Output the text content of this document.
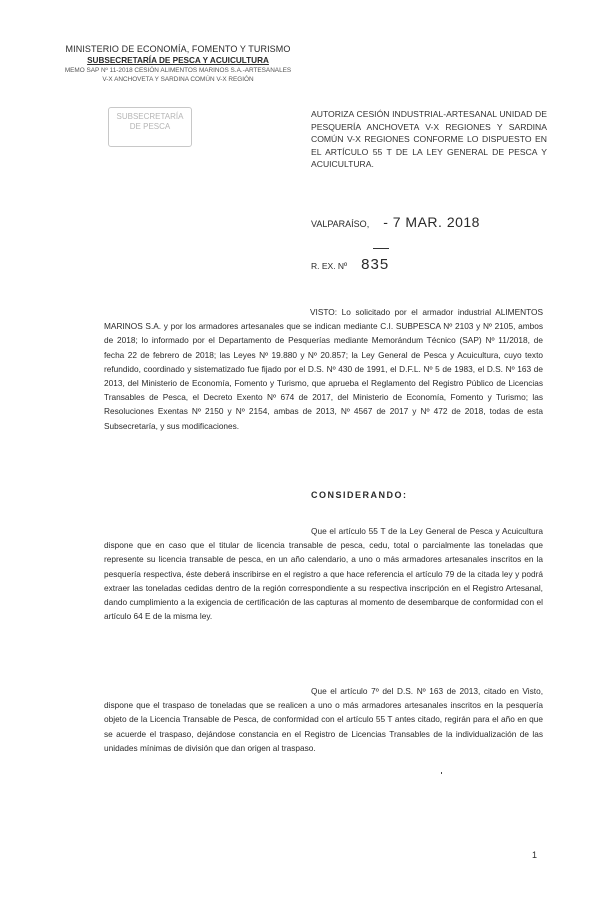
MINISTERIO DE ECONOMÍA, FOMENTO Y TURISMO
SUBSECRETARÍA DE PESCA Y ACUICULTURA
MEMO SAP Nº 11-2018 CESIÓN ALIMENTOS MARINOS S.A.-ARTESANALES
V-X ANCHOVETA Y SARDINA COMÚN V-X REGIÓN
SUBSECRETARÍA
DE PESCA
AUTORIZA CESIÓN INDUSTRIAL-ARTESANAL UNIDAD DE PESQUERÍA ANCHOVETA V-X REGIONES Y SARDINA COMÚN V-X REGIONES CONFORME LO DISPUESTO EN EL ARTÍCULO 55 T DE LA LEY GENERAL DE PESCA Y ACUICULTURA.
VALPARAÍSO, - 7 MAR. 2018
R. EX. Nº 835
VISTO: Lo solicitado por el armador industrial ALIMENTOS MARINOS S.A. y por los armadores artesanales que se indican mediante C.I. SUBPESCA Nº 2103 y Nº 2105, ambos de 2018; lo informado por el Departamento de Pesquerías mediante Memorándum Técnico (SAP) Nº 11/2018, de fecha 22 de febrero de 2018; las Leyes Nº 19.880 y Nº 20.857; la Ley General de Pesca y Acuicultura, cuyo texto refundido, coordinado y sistematizado fue fijado por el D.S. Nº 430 de 1991, el D.F.L. Nº 5 de 1983, el D.S. Nº 163 de 2013, del Ministerio de Economía, Fomento y Turismo, que aprueba el Reglamento del Registro Público de Licencias Transables de Pesca, el Decreto Exento Nº 674 de 2017, del Ministerio de Economía, Fomento y Turismo; las Resoluciones Exentas Nº 2150 y Nº 2154, ambas de 2013, Nº 4567 de 2017 y Nº 472 de 2018, todas de esta Subsecretaría, y sus modificaciones.
CONSIDERANDO:
Que el artículo 55 T de la Ley General de Pesca y Acuicultura dispone que en caso que el titular de licencia transable de pesca, cedu, total o parcialmente las toneladas que represente su licencia transable de pesca, en un año calendario, a uno o más armadores artesanales inscritos en la pesquería respectiva, éste deberá inscribirse en el registro a que hace referencia el artículo 79 de la citada ley y podrá extraer las toneladas cedidas dentro de la región correspondiente a su respectiva inscripción en el Registro Artesanal, dando cumplimiento a la exigencia de certificación de las capturas al momento de desembarque de conformidad con el artículo 64 E de la misma ley.
Que el artículo 7º del D.S. Nº 163 de 2013, citado en Visto, dispone que el traspaso de toneladas que se realicen a uno o más armadores artesanales inscritos en la pesquería objeto de la Licencia Transable de Pesca, de conformidad con el artículo 55 T antes citado, regirán para el año en que se acuerde el traspaso, dejándose constancia en el Registro de Licencias Transables de la individualización de las unidades mínimas de división que dan origen al traspaso.
1
